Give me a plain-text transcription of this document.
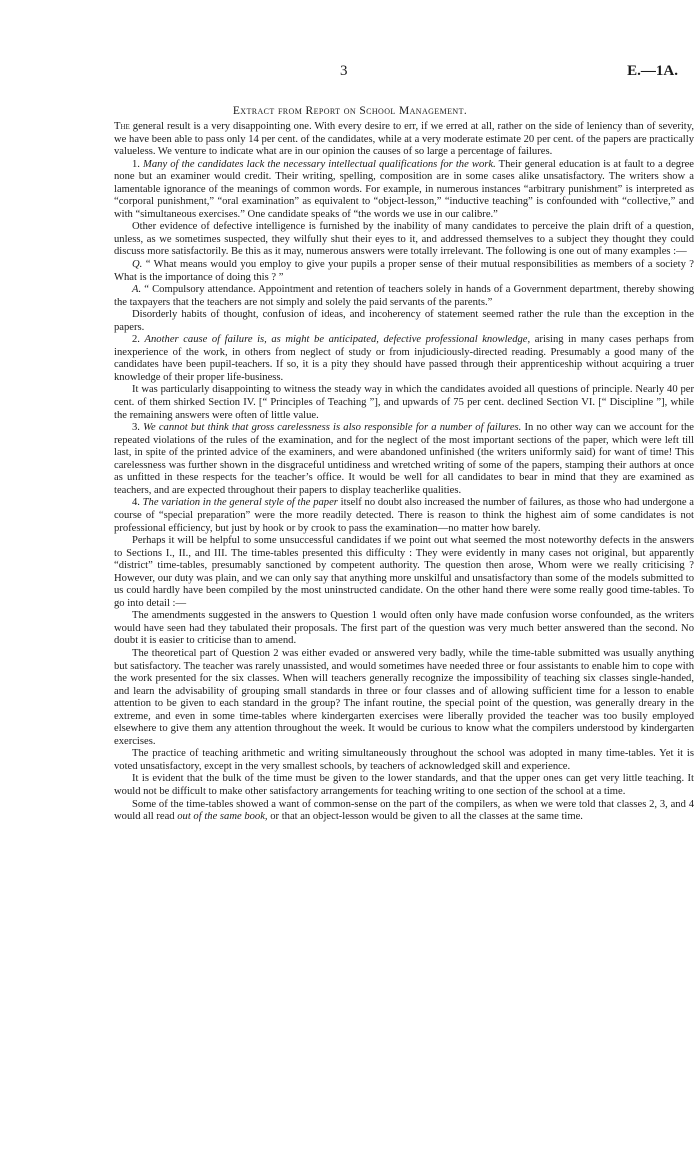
3	E.—1A.
Extract from Report on School Management.

The general result is a very disappointing one. With every desire to err, if we erred at all, rather on the side of leniency than of severity, we have been able to pass only 14 per cent. of the candidates, while at a very moderate estimate 20 per cent. of the papers are practically valueless. We venture to indicate what are in our opinion the causes of so large a percentage of failures.

1. Many of the candidates lack the necessary intellectual qualifications for the work. Their general education is at fault to a degree none but an examiner would credit. Their writing, spelling, composition are in some cases alike unsatisfactory. The writers show a lamentable ignorance of the meanings of common words. For example, in numerous instances “arbitrary punishment” is interpreted as “corporal punishment,” “oral examination” as equivalent to “object-lesson,” “inductive teaching” is confounded with “collective,” and with “simultaneous exercises.” One candidate speaks of “the words we use in our calibre.”

Other evidence of defective intelligence is furnished by the inability of many candidates to perceive the plain drift of a question, unless, as we sometimes suspected, they wilfully shut their eyes to it, and addressed themselves to a subject they thought they could discuss more satisfactorily. Be this as it may, numerous answers were totally irrelevant. The following is one out of many examples :—

Q. “ What means would you employ to give your pupils a proper sense of their mutual responsibilities as members of a society ? What is the importance of doing this ? ”

A. “ Compulsory attendance. Appointment and retention of teachers solely in hands of a Government department, thereby showing the taxpayers that the teachers are not simply and solely the paid servants of the parents.”

Disorderly habits of thought, confusion of ideas, and incoherency of statement seemed rather the rule than the exception in the papers.

2. Another cause of failure is, as might be anticipated, defective professional knowledge, arising in many cases perhaps from inexperience of the work, in others from neglect of study or from injudiciously-directed reading. Presumably a good many of the candidates have been pupil-teachers. If so, it is a pity they should have passed through their apprenticeship without acquiring a truer knowledge of their proper life-business.

It was particularly disappointing to witness the steady way in which the candidates avoided all questions of principle. Nearly 40 per cent. of them shirked Section IV. [“ Principles of Teaching ”], and upwards of 75 per cent. declined Section VI. [“ Discipline ”], while the remaining answers were often of little value.

3. We cannot but think that gross carelessness is also responsible for a number of failures. In no other way can we account for the repeated violations of the rules of the examination, and for the neglect of the most important sections of the paper, which were left till last, in spite of the printed advice of the examiners, and were abandoned unfinished (the writers uniformly said) for want of time! This carelessness was further shown in the disgraceful untidiness and wretched writing of some of the papers, stamping their authors at once as unfitted in these respects for the teacher’s office. It would be well for all candidates to bear in mind that they are examined as teachers, and are expected throughout their papers to display teacherlike qualities.

4. The variation in the general style of the paper itself no doubt also increased the number of failures, as those who had undergone a course of “special preparation” were the more readily detected. There is reason to think the highest aim of some candidates is not professional efficiency, but just by hook or by crook to pass the examination—no matter how barely.

Perhaps it will be helpful to some unsuccessful candidates if we point out what seemed the most noteworthy defects in the answers to Sections I., II., and III. The time-tables presented this difficulty : They were evidently in many cases not original, but apparently “district” time-tables, presumably sanctioned by competent authority. The question then arose, Whom were we really criticising ? However, our duty was plain, and we can only say that anything more unskilful and unsatisfactory than some of the models submitted to us could hardly have been compiled by the most uninstructed candidate. On the other hand there were some really good time-tables. To go into detail :—

The amendments suggested in the answers to Question 1 would often only have made confusion worse confounded, as the writers would have seen had they tabulated their proposals. The first part of the question was very much better answered than the second. No doubt it is easier to criticise than to amend.

The theoretical part of Question 2 was either evaded or answered very badly, while the time-table submitted was usually anything but satisfactory. The teacher was rarely unassisted, and would sometimes have needed three or four assistants to enable him to cope with the work presented for the six classes. When will teachers generally recognize the impossibility of teaching six classes single-handed, and learn the advisability of grouping small standards in three or four classes and of allowing sufficient time for a lesson to enable attention to be given to each standard in the group? The infant routine, the special point of the question, was generally dreary in the extreme, and even in some time-tables where kindergarten exercises were liberally provided the teacher was too busily employed elsewhere to give them any attention throughout the week. It would be curious to know what the compilers understood by kindergarten exercises.

The practice of teaching arithmetic and writing simultaneously throughout the school was adopted in many time-tables. Yet it is voted unsatisfactory, except in the very smallest schools, by teachers of acknowledged skill and experience.

It is evident that the bulk of the time must be given to the lower standards, and that the upper ones can get very little teaching. It would not be difficult to make other satisfactory arrangements for teaching writing to one section of the school at a time.

Some of the time-tables showed a want of common-sense on the part of the compilers, as when we were told that classes 2, 3, and 4 would all read out of the same book, or that an object-lesson would be given to all the classes at the same time.
